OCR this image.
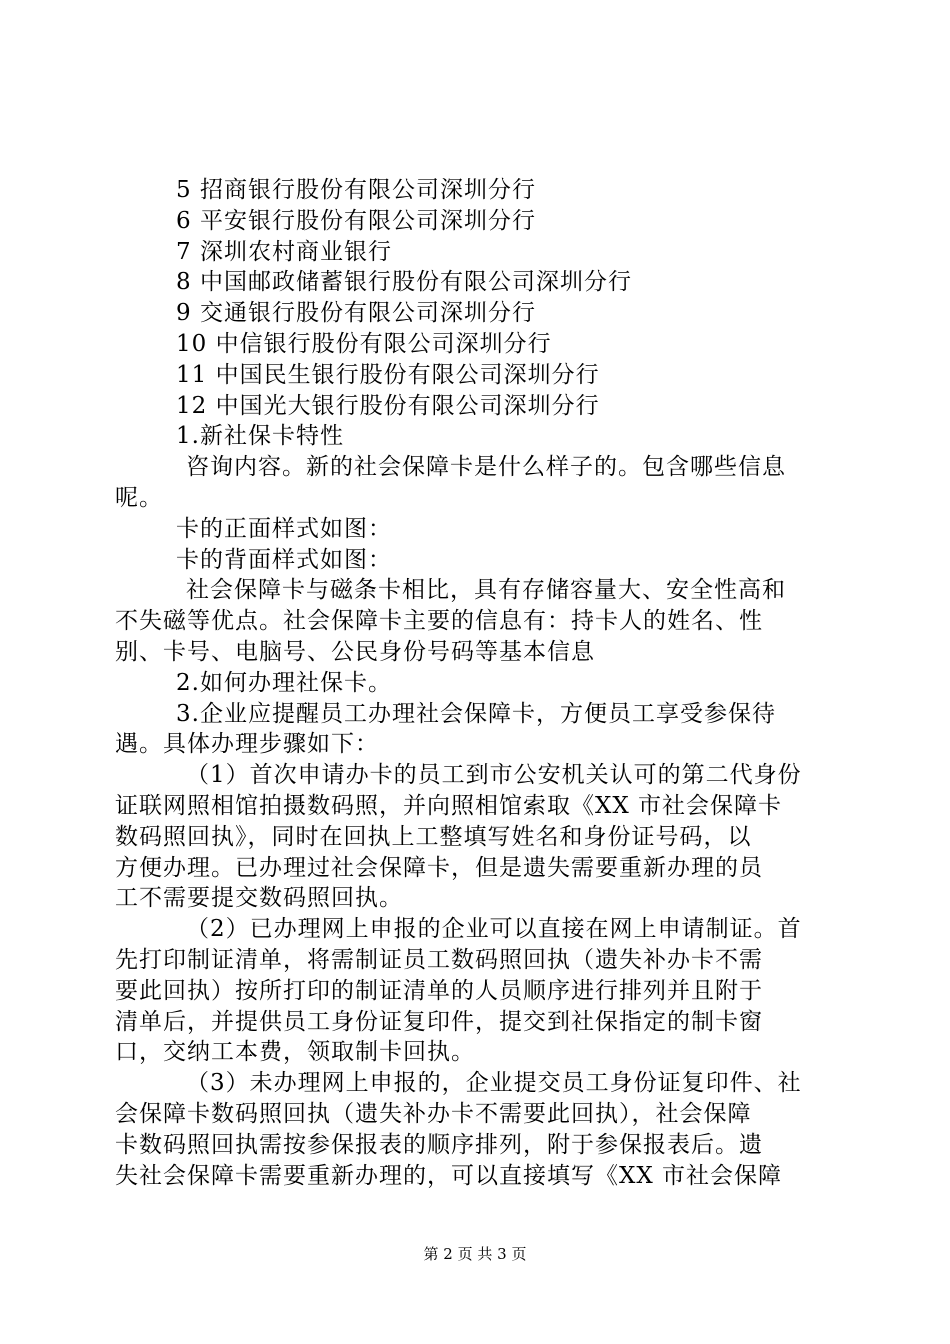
5 招商银行股份有限公司深圳分行
6 平安银行股份有限公司深圳分行
7 深圳农村商业银行
8 中国邮政储蓄银行股份有限公司深圳分行
9 交通银行股份有限公司深圳分行
10 中信银行股份有限公司深圳分行
11 中国民生银行股份有限公司深圳分行
12 中国光大银行股份有限公司深圳分行
1.新社保卡特性
咨询内容。新的社会保障卡是什么样子的。包含哪些信息
呢。
卡的正面样式如图：
卡的背面样式如图：
社会保障卡与磁条卡相比，具有存储容量大、安全性高和
不失磁等优点。社会保障卡主要的信息有：持卡人的姓名、性
别、卡号、电脑号、公民身份号码等基本信息
2.如何办理社保卡。
3.企业应提醒员工办理社会保障卡，方便员工享受参保待
遇。具体办理步骤如下：
（1）首次申请办卡的员工到市公安机关认可的第二代身份
证联网照相馆拍摄数码照，并向照相馆索取《XX 市社会保障卡
数码照回执》，同时在回执上工整填写姓名和身份证号码，以
方便办理。已办理过社会保障卡，但是遗失需要重新办理的员
工不需要提交数码照回执。
（2）已办理网上申报的企业可以直接在网上申请制证。首
先打印制证清单，将需制证员工数码照回执（遗失补办卡不需
要此回执）按所打印的制证清单的人员顺序进行排列并且附于
清单后，并提供员工身份证复印件，提交到社保指定的制卡窗
口，交纳工本费，领取制卡回执。
（3）未办理网上申报的，企业提交员工身份证复印件、社
会保障卡数码照回执（遗失补办卡不需要此回执），社会保障
卡数码照回执需按参保报表的顺序排列，附于参保报表后。遗
失社会保障卡需要重新办理的，可以直接填写《XX 市社会保障
第 2 页 共 3 页
